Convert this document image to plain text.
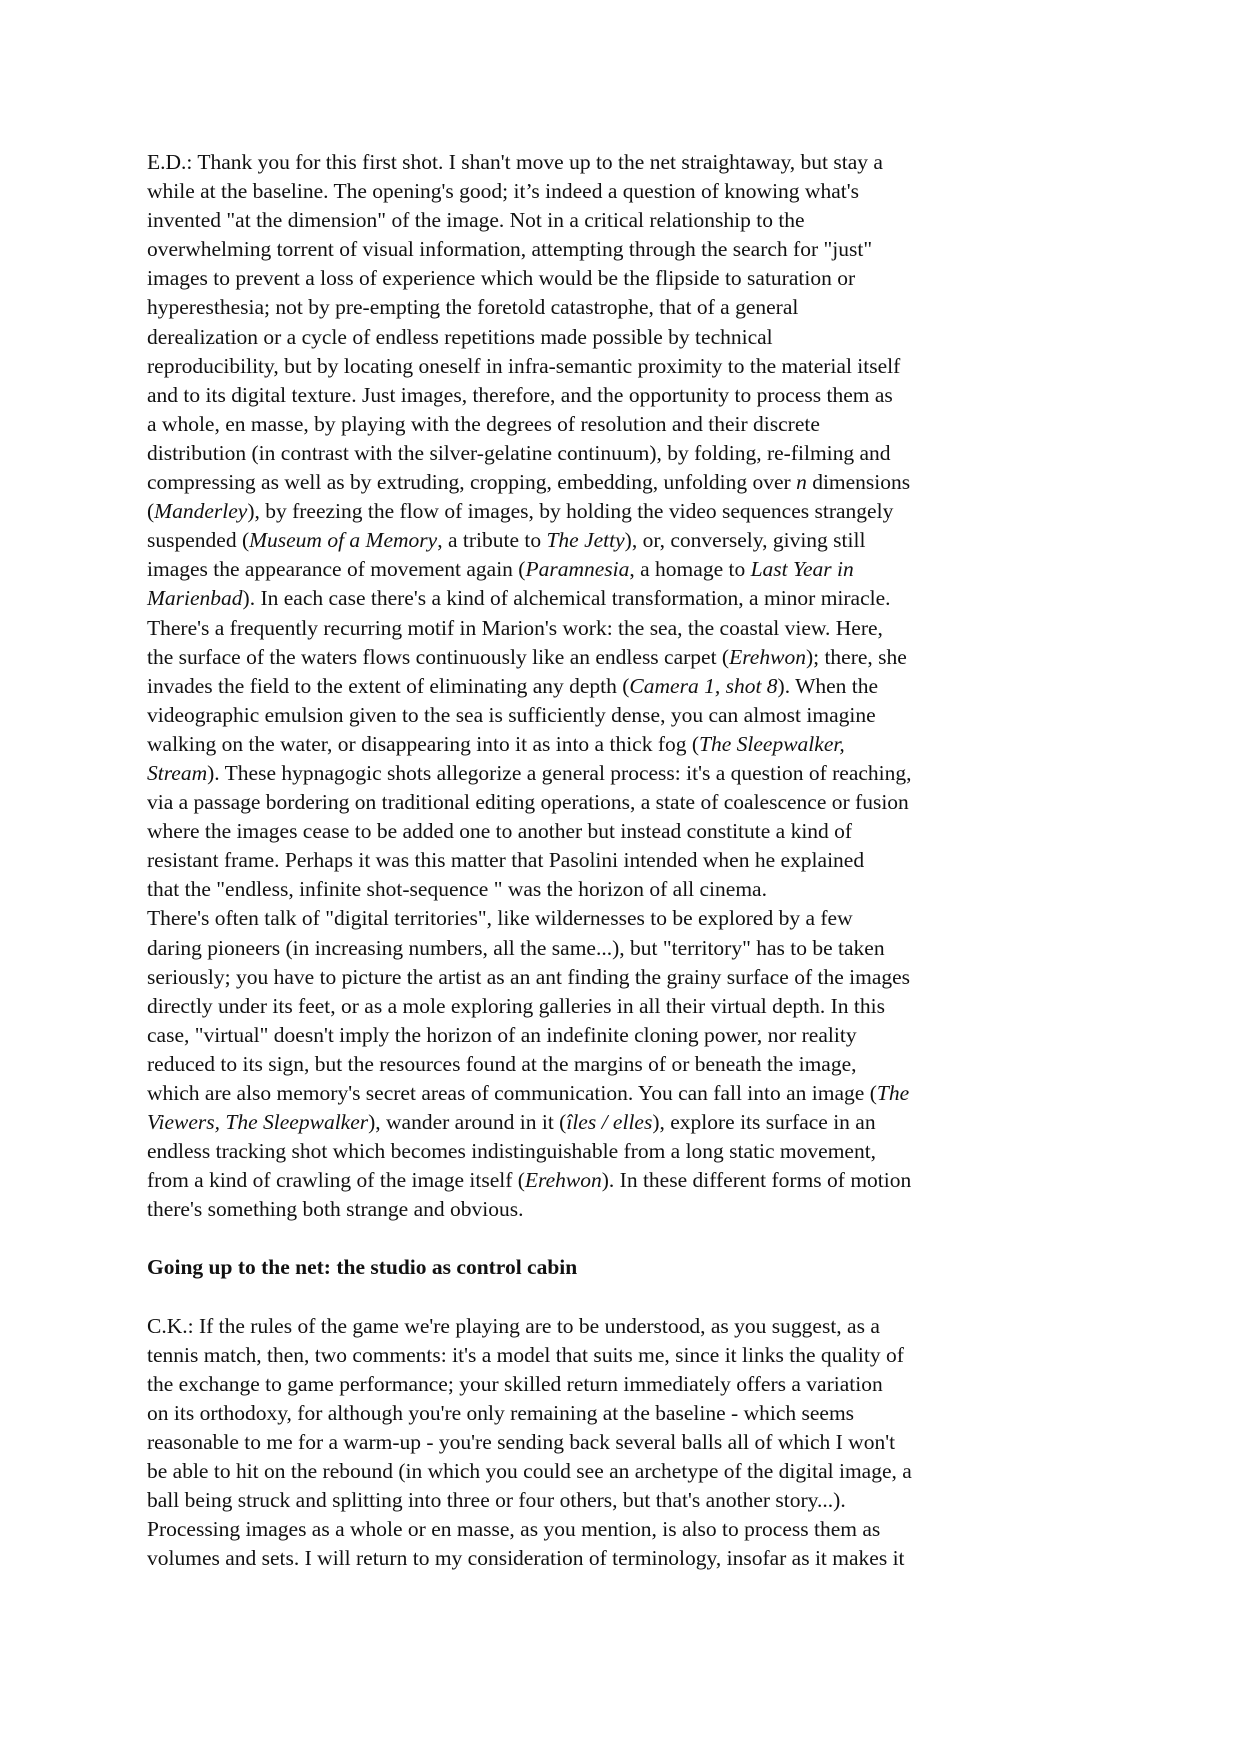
E.D.: Thank you for this first shot. I shan't move up to the net straightaway, but stay a
while at the baseline. The opening's good; it’s indeed a question of knowing what's
invented "at the dimension" of the image. Not in a critical relationship to the
overwhelming torrent of visual information, attempting through the search for "just"
images to prevent a loss of experience which would be the flipside to saturation or
hyperesthesia; not by pre-empting the foretold catastrophe, that of a general
derealization or a cycle of endless repetitions made possible by technical
reproducibility, but by locating oneself in infra-semantic proximity to the material itself
and to its digital texture. Just images, therefore, and the opportunity to process them as
a whole, en masse, by playing with the degrees of resolution and their discrete
distribution (in contrast with the silver-gelatine continuum), by folding, re-filming and
compressing as well as by extruding, cropping, embedding, unfolding over n dimensions
(Manderley), by freezing the flow of images, by holding the video sequences strangely
suspended (Museum of a Memory, a tribute to The Jetty), or, conversely, giving still
images the appearance of movement again (Paramnesia, a homage to Last Year in
Marienbad). In each case there's a kind of alchemical transformation, a minor miracle.
There's a frequently recurring motif in Marion's work: the sea, the coastal view. Here,
the surface of the waters flows continuously like an endless carpet (Erehwon); there, she
invades the field to the extent of eliminating any depth (Camera 1, shot 8). When the
videographic emulsion given to the sea is sufficiently dense, you can almost imagine
walking on the water, or disappearing into it as into a thick fog (The Sleepwalker,
Stream). These hypnagogic shots allegorize a general process: it's a question of reaching,
via a passage bordering on traditional editing operations, a state of coalescence or fusion
where the images cease to be added one to another but instead constitute a kind of
resistant frame. Perhaps it was this matter that Pasolini intended when he explained
that the "endless, infinite shot-sequence " was the horizon of all cinema.
There's often talk of "digital territories", like wildernesses to be explored by a few
daring pioneers (in increasing numbers, all the same...), but "territory" has to be taken
seriously; you have to picture the artist as an ant finding the grainy surface of the images
directly under its feet, or as a mole exploring galleries in all their virtual depth. In this
case, "virtual" doesn't imply the horizon of an indefinite cloning power, nor reality
reduced to its sign, but the resources found at the margins of or beneath the image,
which are also memory's secret areas of communication. You can fall into an image (The
Viewers, The Sleepwalker), wander around in it (îles / elles), explore its surface in an
endless tracking shot which becomes indistinguishable from a long static movement,
from a kind of crawling of the image itself (Erehwon). In these different forms of motion
there's something both strange and obvious.
Going up to the net: the studio as control cabin
C.K.: If the rules of the game we're playing are to be understood, as you suggest, as a
tennis match, then, two comments: it's a model that suits me, since it links the quality of
the exchange to game performance; your skilled return immediately offers a variation
on its orthodoxy, for although you're only remaining at the baseline - which seems
reasonable to me for a warm-up - you're sending back several balls all of which I won't
be able to hit on the rebound (in which you could see an archetype of the digital image, a
ball being struck and splitting into three or four others, but that's another story...).
Processing images as a whole or en masse, as you mention, is also to process them as
volumes and sets. I will return to my consideration of terminology, insofar as it makes it
